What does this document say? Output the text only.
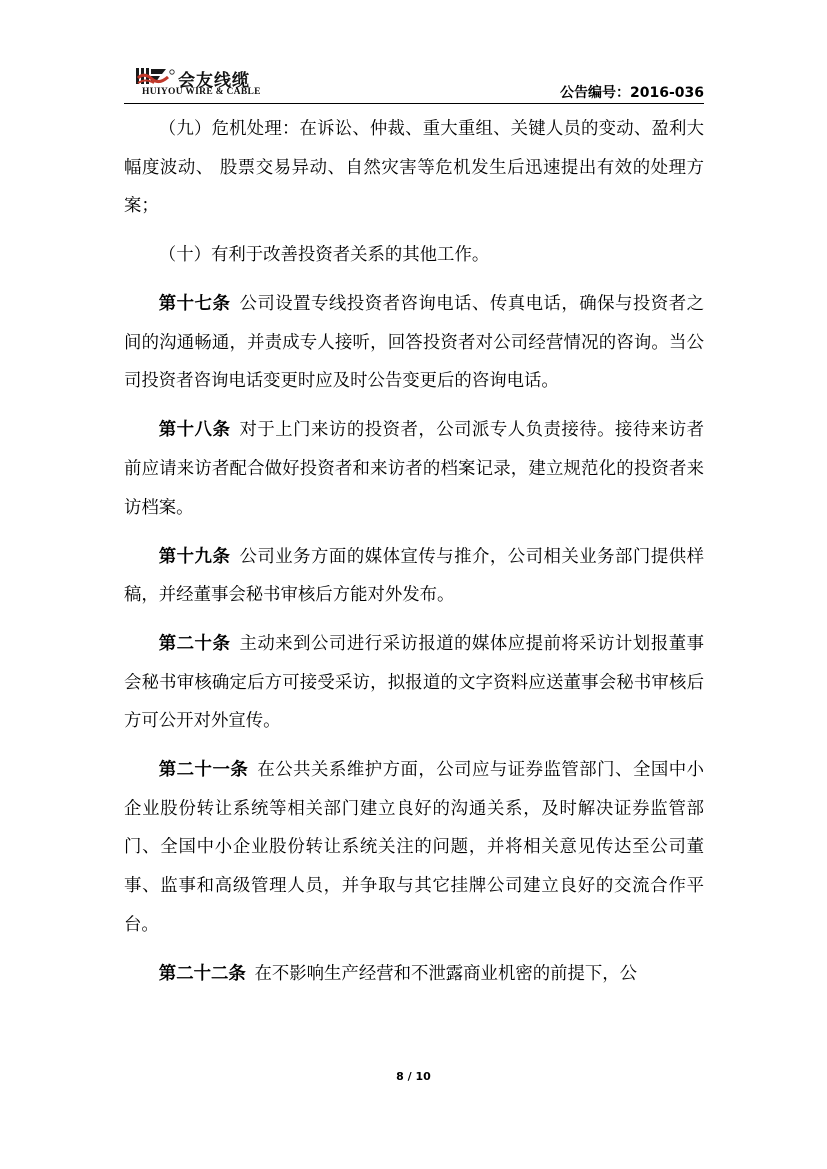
会友线缆
HUIYOU WIRE & CABLE	公告编号：2016-036

（九）危机处理：在诉讼、仲裁、重大重组、关键人员的变动、盈利大幅度波动、 股票交易异动、自然灾害等危机发生后迅速提出有效的处理方案；

（十）有利于改善投资者关系的其他工作。

第十七条  公司设置专线投资者咨询电话、传真电话，确保与投资者之间的沟通畅通，并责成专人接听，回答投资者对公司经营情况的咨询。当公司投资者咨询电话变更时应及时公告变更后的咨询电话。

第十八条  对于上门来访的投资者，公司派专人负责接待。接待来访者前应请来访者配合做好投资者和来访者的档案记录，建立规范化的投资者来访档案。

第十九条  公司业务方面的媒体宣传与推介，公司相关业务部门提供样稿，并经董事会秘书审核后方能对外发布。

第二十条  主动来到公司进行采访报道的媒体应提前将采访计划报董事会秘书审核确定后方可接受采访，拟报道的文字资料应送董事会秘书审核后方可公开对外宣传。

第二十一条  在公共关系维护方面，公司应与证券监管部门、全国中小企业股份转让系统等相关部门建立良好的沟通关系，及时解决证券监管部门、全国中小企业股份转让系统关注的问题，并将相关意见传达至公司董事、监事和高级管理人员，并争取与其它挂牌公司建立良好的交流合作平台。

第二十二条  在不影响生产经营和不泄露商业机密的前提下，公

8 / 10
